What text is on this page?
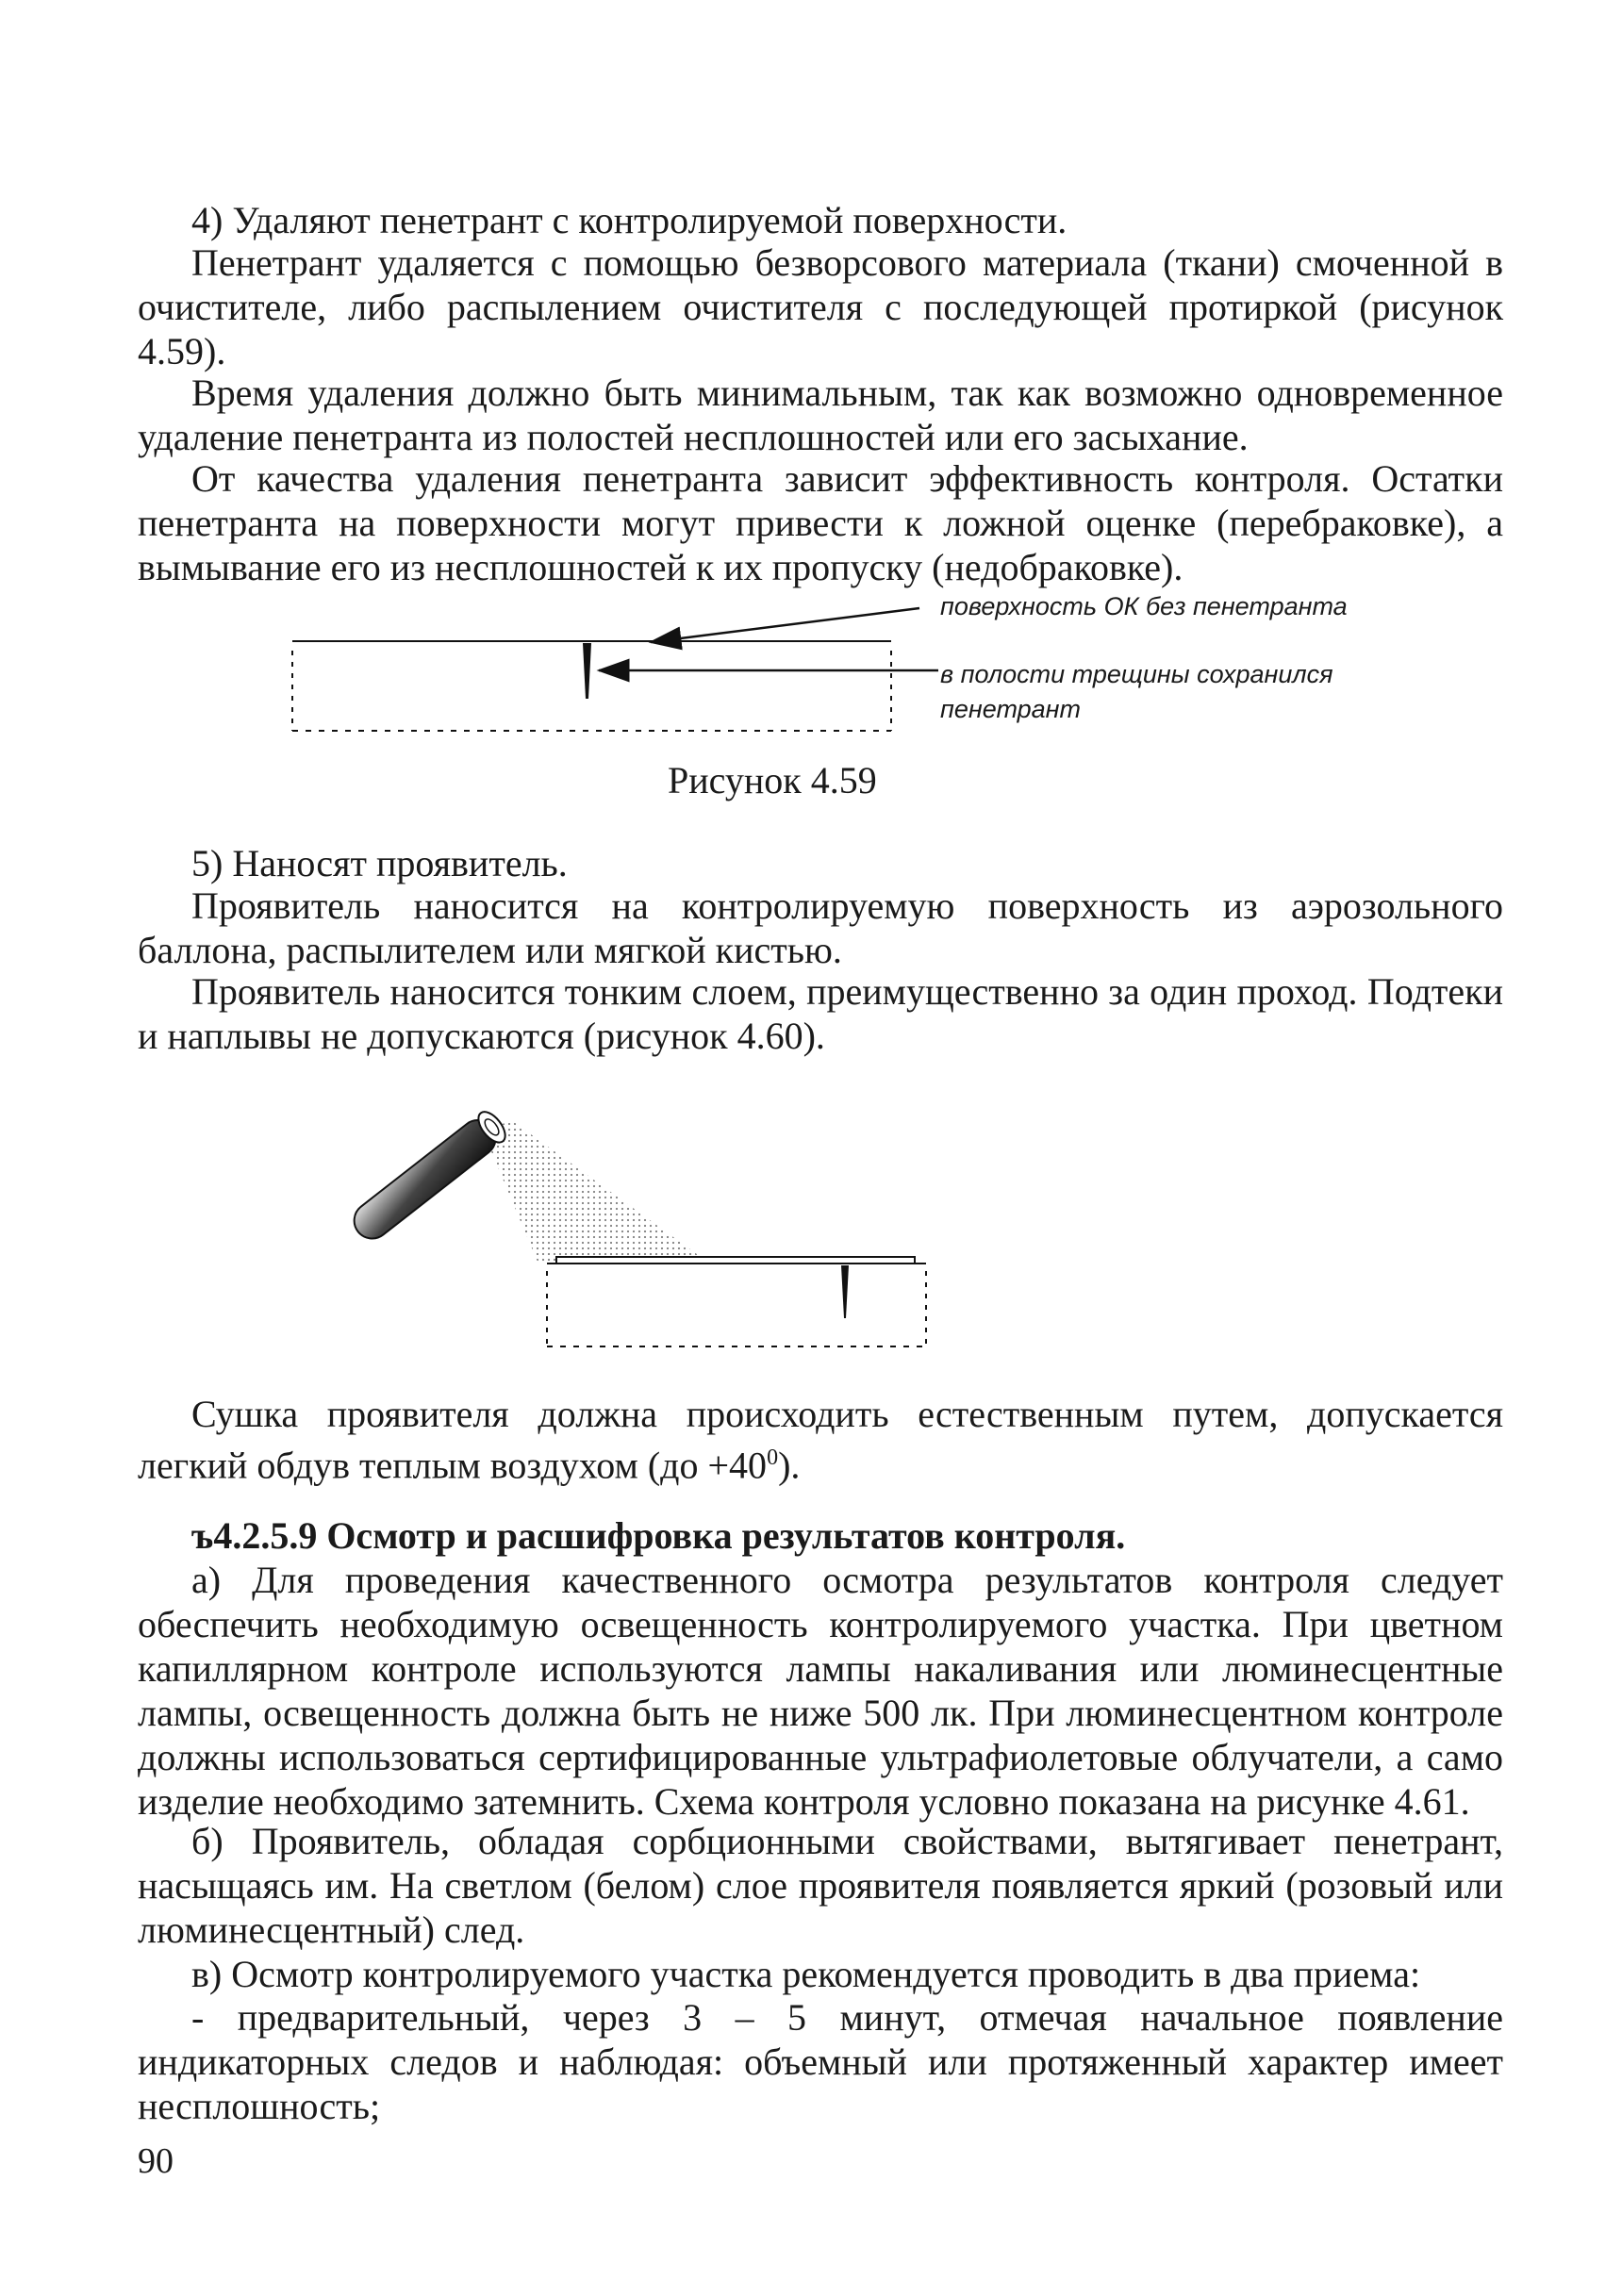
4) Удаляют пенетрант с контролируемой поверхности.

Пенетрант удаляется с помощью безворсового материала (ткани) смоченной в очистителе, либо распылением очистителя с последующей протиркой (рисунок 4.59).

Время удаления должно быть минимальным, так как возможно одновременное удаление пенетранта из полостей несплошностей или его засыхание.

От качества удаления пенетранта зависит эффективность контроля. Остатки пенетранта на поверхности могут привести к ложной оценке (перебраковке), а вымывание его из несплошностей к их пропуску (недобраковке).

поверхность ОК без пенетранта
в полости трещины сохранился
пенетрант

Рисунок 4.59

5) Наносят проявитель.

Проявитель наносится на контролируемую поверхность из аэрозольного баллона, распылителем или мягкой кистью.

Проявитель наносится тонким слоем, преимущественно за один проход. Подтеки и наплывы не допускаются (рисунок 4.60).

Сушка проявителя должна происходить естественным путем, допускается легкий обдув теплым воздухом $(до +40^0)$.

ъ4.2.5.9 Осмотр и расшифровка результатов контроля.

а) Для проведения качественного осмотра результатов контроля следует обеспечить необходимую освещенность контролируемого участка. При цветном капиллярном контроле используются лампы накаливания или люминесцентные лампы, освещенность должна быть не ниже 500 лк. При люминесцентном контроле должны использоваться сертифицированные ультрафиолетовые облучатели, а само изделие необходимо затемнить. Схема контроля условно показана на рисунке 4.61.

б) Проявитель, обладая сорбционными свойствами, вытягивает пенетрант, насыщаясь им. На светлом (белом) слое проявителя появляется яркий (розовый или люминесцентный) след.

в) Осмотр контролируемого участка рекомендуется проводить в два приема:

- предварительный, через 3 – 5 минут, отмечая начальное появление индикаторных следов и наблюдая: объемный или протяженный характер имеет несплошность;

90
